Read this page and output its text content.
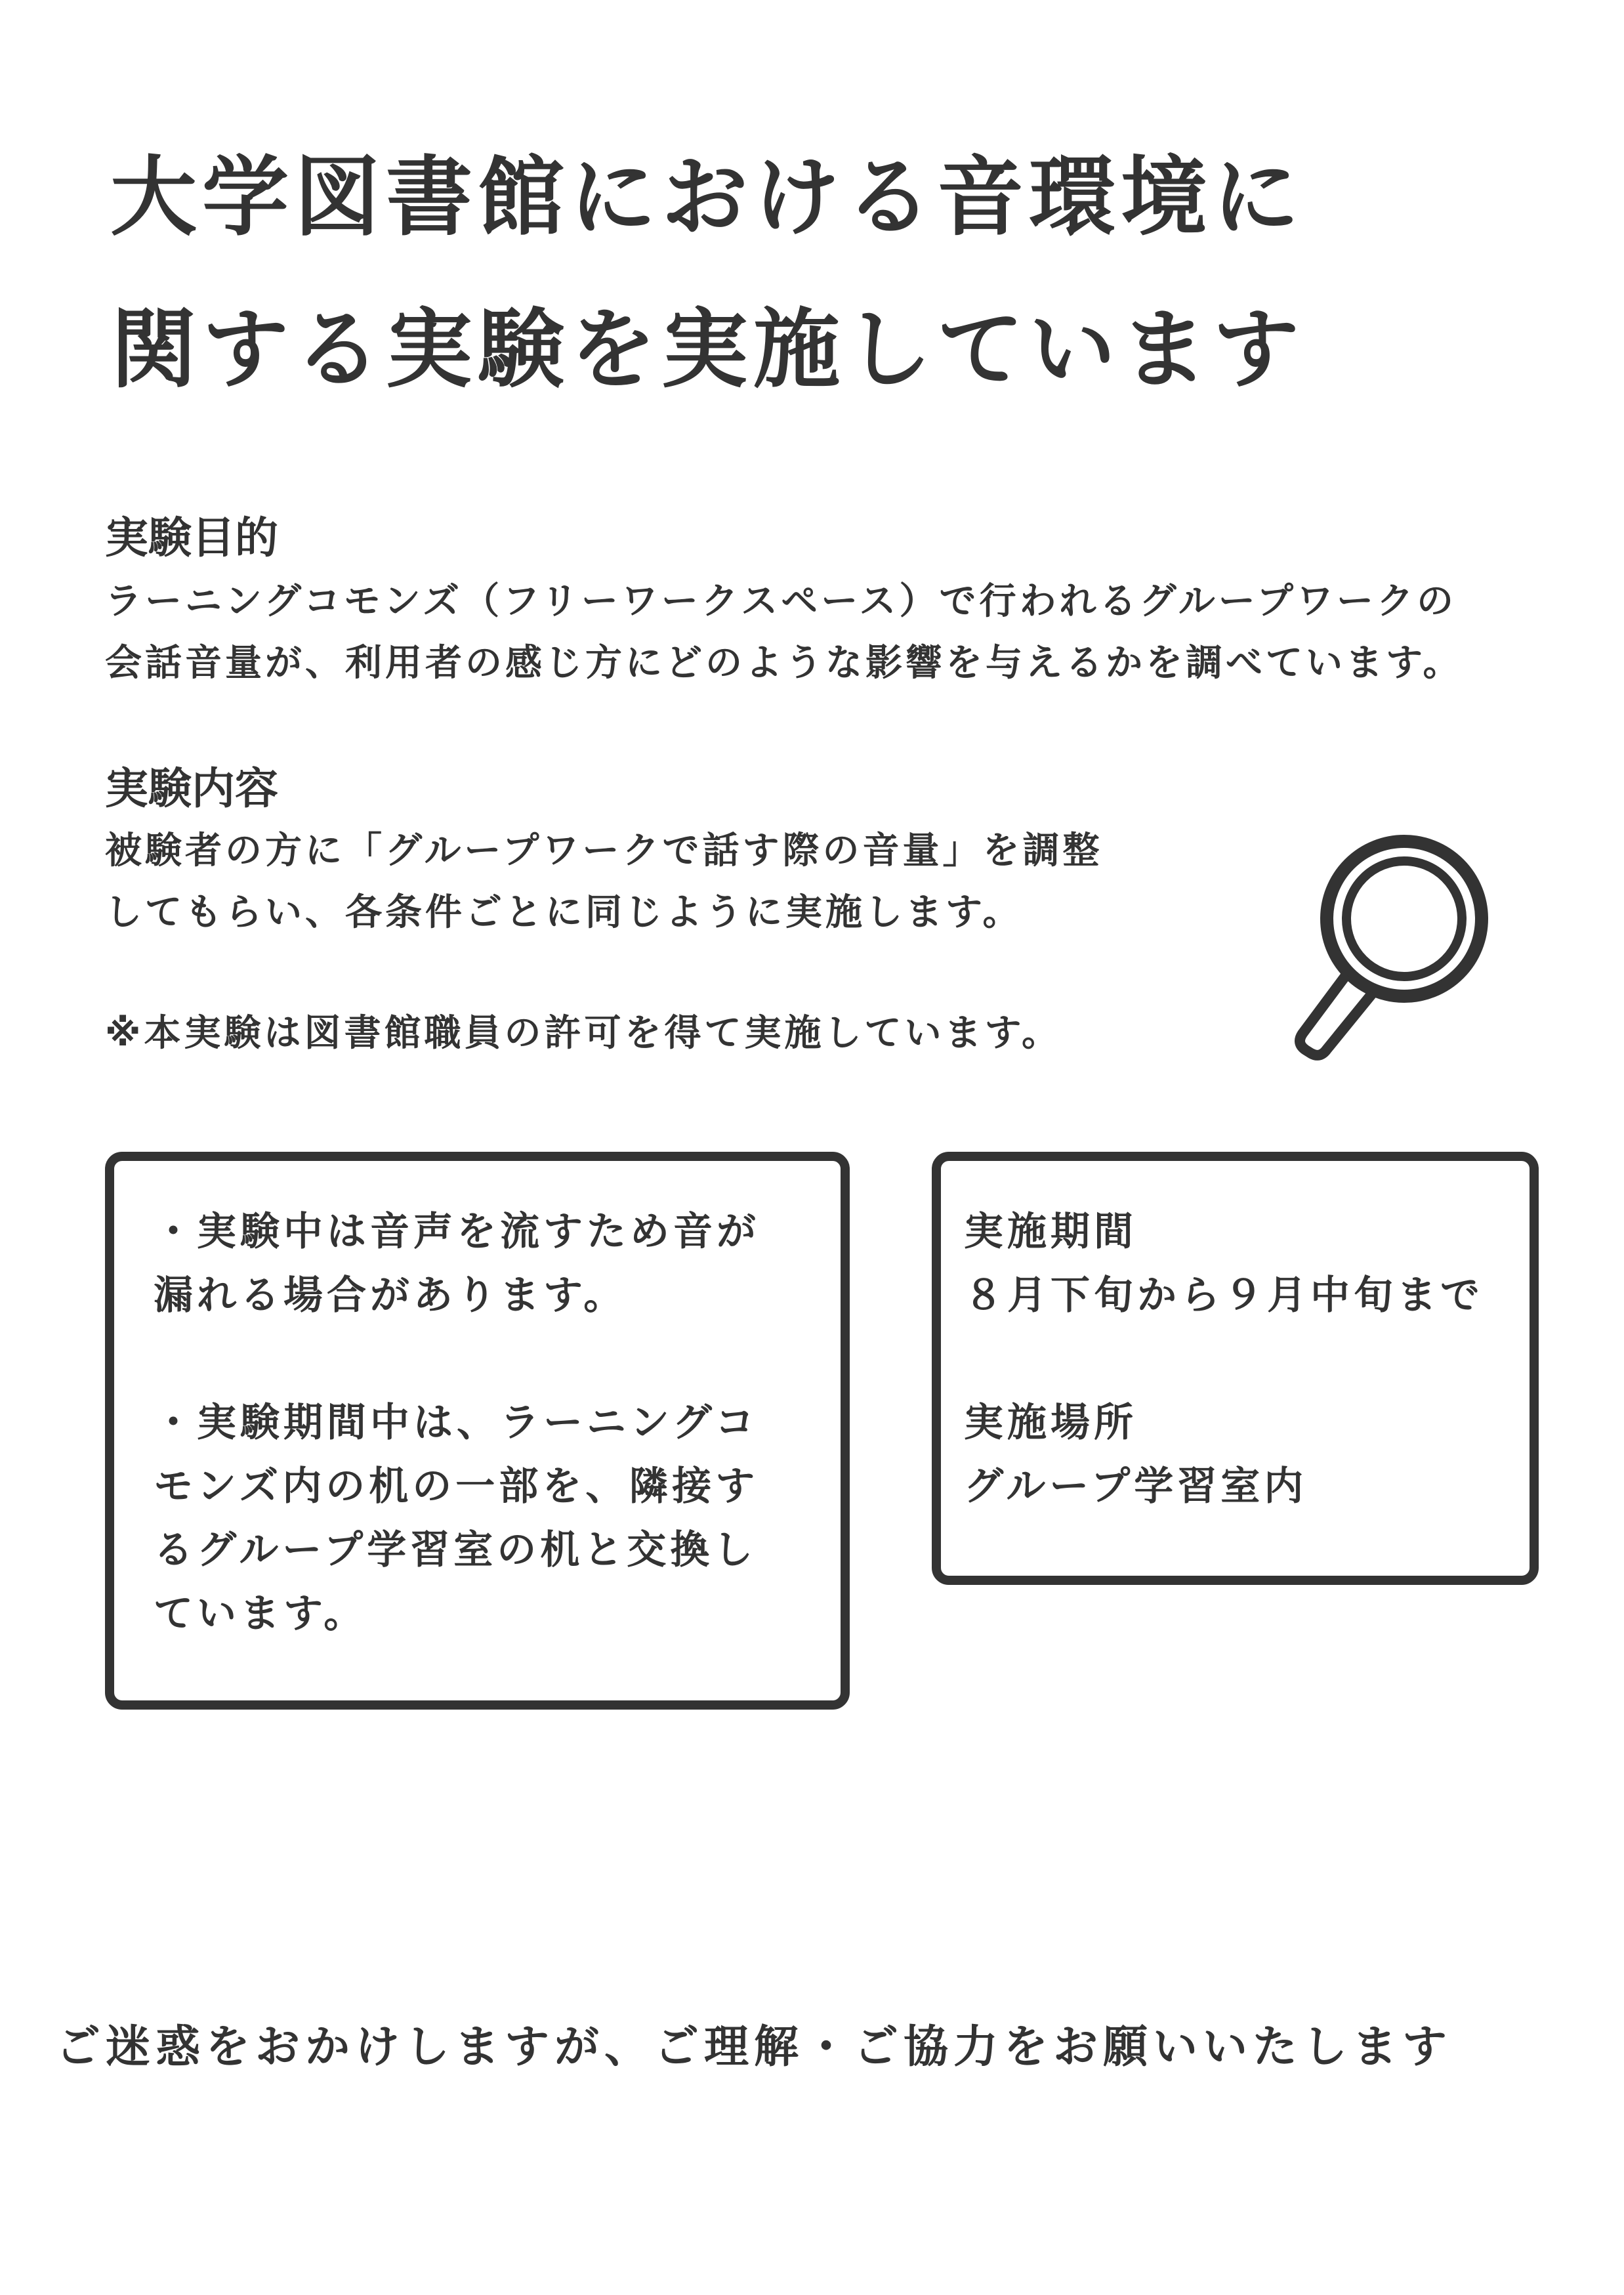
大学図書館における音環境に
関する実験を実施しています
実験目的

ラーニングコモンズ（フリーワークスペース）で行われるグループワークの
会話音量が、利用者の感じ方にどのような影響を与えるかを調べています。

実験内容

被験者の方に「グループワークで話す際の音量」を調整
してもらい、各条件ごとに同じように実施します。

※本実験は図書館職員の許可を得て実施しています。

・実験中は音声を流すため音が
漏れる場合があります。
・実験期間中は、ラーニングコ
モンズ内の机の一部を、隣接す
るグループ学習室の机と交換し
ています。
実施期間
８月下旬から９月中旬まで
実施場所
グループ学習室内

ご迷惑をおかけしますが、ご理解・ご協力をお願いいたします
